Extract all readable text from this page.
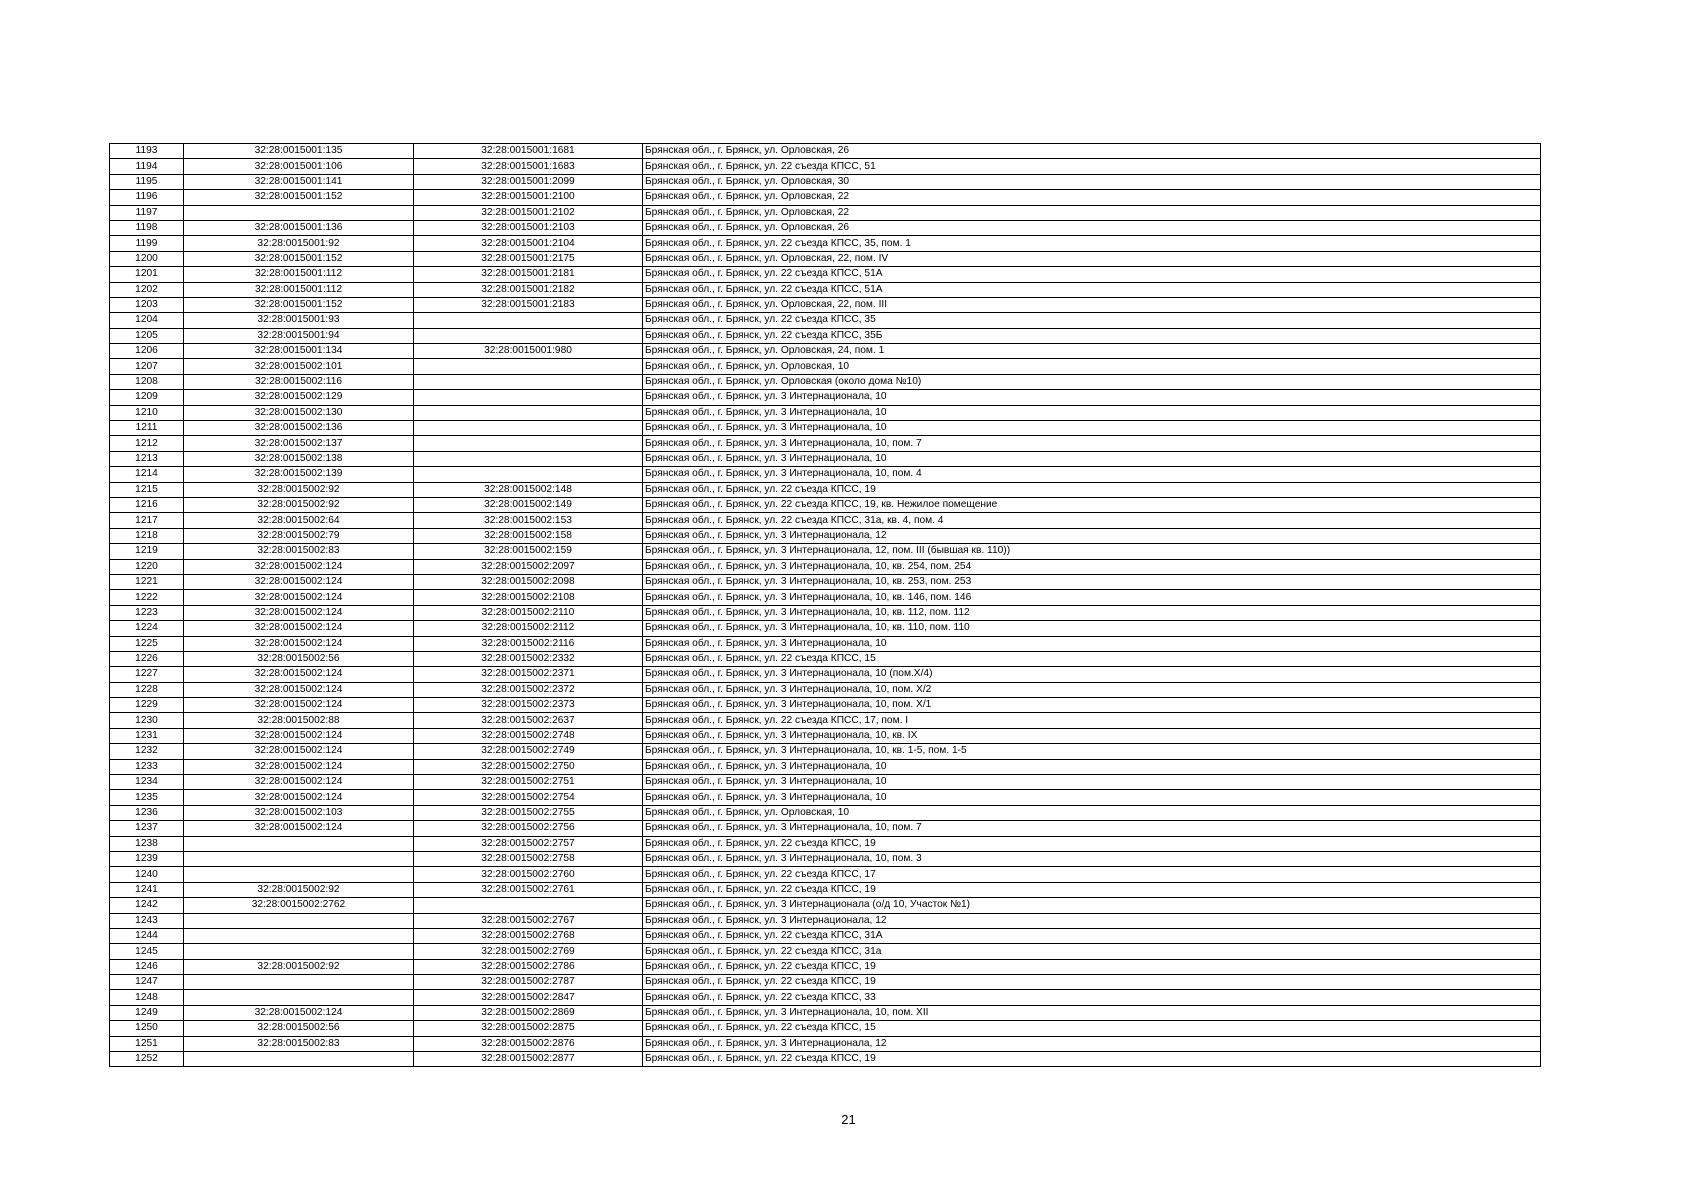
1193	32:28:0015001:135	32:28:0015001:1681	Брянская обл., г. Брянск, ул. Орловская, 26
1194	32:28:0015001:106	32:28:0015001:1683	Брянская обл., г. Брянск, ул. 22 съезда КПСС, 51
1195	32:28:0015001:141	32:28:0015001:2099	Брянская обл., г. Брянск, ул. Орловская, 30
1196	32:28:0015001:152	32:28:0015001:2100	Брянская обл., г. Брянск, ул. Орловская, 22
1197		32:28:0015001:2102	Брянская обл., г. Брянск, ул. Орловская, 22
1198	32:28:0015001:136	32:28:0015001:2103	Брянская обл., г. Брянск, ул. Орловская, 26
1199	32:28:0015001:92	32:28:0015001:2104	Брянская обл., г. Брянск, ул. 22 съезда КПСС, 35, пом. 1
1200	32:28:0015001:152	32:28:0015001:2175	Брянская обл., г. Брянск, ул. Орловская, 22, пом. IV
1201	32:28:0015001:112	32:28:0015001:2181	Брянская обл., г. Брянск, ул. 22 съезда КПСС, 51А
1202	32:28:0015001:112	32:28:0015001:2182	Брянская обл., г. Брянск, ул. 22 съезда КПСС, 51А
1203	32:28:0015001:152	32:28:0015001:2183	Брянская обл., г. Брянск, ул. Орловская, 22, пом. III
1204	32:28:0015001:93		Брянская обл., г. Брянск, ул. 22 съезда КПСС, 35
1205	32:28:0015001:94		Брянская обл., г. Брянск, ул. 22 съезда КПСС, 35Б
1206	32:28:0015001:134	32:28:0015001:980	Брянская обл., г. Брянск, ул. Орловская, 24, пом. 1
1207	32:28:0015002:101		Брянская обл., г. Брянск, ул. Орловская, 10
1208	32:28:0015002:116		Брянская обл., г. Брянск, ул. Орловская (около дома №10)
1209	32:28:0015002:129		Брянская обл., г. Брянск, ул. 3 Интернационала, 10
1210	32:28:0015002:130		Брянская обл., г. Брянск, ул. 3 Интернационала, 10
1211	32:28:0015002:136		Брянская обл., г. Брянск, ул. 3 Интернационала, 10
1212	32:28:0015002:137		Брянская обл., г. Брянск, ул. 3 Интернационала, 10, пом. 7
1213	32:28:0015002:138		Брянская обл., г. Брянск, ул. 3 Интернационала, 10
1214	32:28:0015002:139		Брянская обл., г. Брянск, ул. 3 Интернационала, 10, пом. 4
1215	32:28:0015002:92	32:28:0015002:148	Брянская обл., г. Брянск, ул. 22 съезда КПСС, 19
1216	32:28:0015002:92	32:28:0015002:149	Брянская обл., г. Брянск, ул. 22 съезда КПСС, 19, кв. Нежилое помещение
1217	32:28:0015002:64	32:28:0015002:153	Брянская обл., г. Брянск, ул. 22 съезда КПСС, 31а, кв. 4, пом. 4
1218	32:28:0015002:79	32:28:0015002:158	Брянская обл., г. Брянск, ул. 3 Интернационала, 12
1219	32:28:0015002:83	32:28:0015002:159	Брянская обл., г. Брянск, ул. 3 Интернационала, 12, пом. III (бывшая кв. 110))
1220	32:28:0015002:124	32:28:0015002:2097	Брянская обл., г. Брянск, ул. 3 Интернационала, 10, кв. 254, пом. 254
1221	32:28:0015002:124	32:28:0015002:2098	Брянская обл., г. Брянск, ул. 3 Интернационала, 10, кв. 253, пом. 253
1222	32:28:0015002:124	32:28:0015002:2108	Брянская обл., г. Брянск, ул. 3 Интернационала, 10, кв. 146, пом. 146
1223	32:28:0015002:124	32:28:0015002:2110	Брянская обл., г. Брянск, ул. 3 Интернационала, 10, кв. 112, пом. 112
1224	32:28:0015002:124	32:28:0015002:2112	Брянская обл., г. Брянск, ул. 3 Интернационала, 10, кв. 110, пом. 110
1225	32:28:0015002:124	32:28:0015002:2116	Брянская обл., г. Брянск, ул. 3 Интернационала, 10
1226	32:28:0015002:56	32:28:0015002:2332	Брянская обл., г. Брянск, ул. 22 съезда КПСС, 15
1227	32:28:0015002:124	32:28:0015002:2371	Брянская обл., г. Брянск, ул. 3 Интернационала, 10 (пом.X/4)
1228	32:28:0015002:124	32:28:0015002:2372	Брянская обл., г. Брянск, ул. 3 Интернационала, 10, пом. X/2
1229	32:28:0015002:124	32:28:0015002:2373	Брянская обл., г. Брянск, ул. 3 Интернационала, 10, пом. X/1
1230	32:28:0015002:88	32:28:0015002:2637	Брянская обл., г. Брянск, ул. 22 съезда КПСС, 17, пом. I
1231	32:28:0015002:124	32:28:0015002:2748	Брянская обл., г. Брянск, ул. 3 Интернационала, 10, кв. IX
1232	32:28:0015002:124	32:28:0015002:2749	Брянская обл., г. Брянск, ул. 3 Интернационала, 10, кв. 1-5, пом. 1-5
1233	32:28:0015002:124	32:28:0015002:2750	Брянская обл., г. Брянск, ул. 3 Интернационала, 10
1234	32:28:0015002:124	32:28:0015002:2751	Брянская обл., г. Брянск, ул. 3 Интернационала, 10
1235	32:28:0015002:124	32:28:0015002:2754	Брянская обл., г. Брянск, ул. 3 Интернационала, 10
1236	32:28:0015002:103	32:28:0015002:2755	Брянская обл., г. Брянск, ул. Орловская, 10
1237	32:28:0015002:124	32:28:0015002:2756	Брянская обл., г. Брянск, ул. 3 Интернационала, 10, пом. 7
1238		32:28:0015002:2757	Брянская обл., г. Брянск, ул. 22 съезда КПСС, 19
1239		32:28:0015002:2758	Брянская обл., г. Брянск, ул. 3 Интернационала, 10, пом. 3
1240		32:28:0015002:2760	Брянская обл., г. Брянск, ул. 22 съезда КПСС, 17
1241	32:28:0015002:92	32:28:0015002:2761	Брянская обл., г. Брянск, ул. 22 съезда КПСС, 19
1242	32:28:0015002:2762		Брянская обл., г. Брянск, ул. 3 Интернационала (о/д 10, Участок №1)
1243		32:28:0015002:2767	Брянская обл., г. Брянск, ул. 3 Интернационала, 12
1244		32:28:0015002:2768	Брянская обл., г. Брянск, ул. 22 съезда КПСС, 31А
1245		32:28:0015002:2769	Брянская обл., г. Брянск, ул. 22 съезда КПСС, 31а
1246	32:28:0015002:92	32:28:0015002:2786	Брянская обл., г. Брянск, ул. 22 съезда КПСС, 19
1247		32:28:0015002:2787	Брянская обл., г. Брянск, ул. 22 съезда КПСС, 19
1248		32:28:0015002:2847	Брянская обл., г. Брянск, ул. 22 съезда КПСС, 33
1249	32:28:0015002:124	32:28:0015002:2869	Брянская обл., г. Брянск, ул. 3 Интернационала, 10, пом. XII
1250	32:28:0015002:56	32:28:0015002:2875	Брянская обл., г. Брянск, ул. 22 съезда КПСС, 15
1251	32:28:0015002:83	32:28:0015002:2876	Брянская обл., г. Брянск, ул. 3 Интернационала, 12
1252		32:28:0015002:2877	Брянская обл., г. Брянск, ул. 22 съезда КПСС, 19
21
